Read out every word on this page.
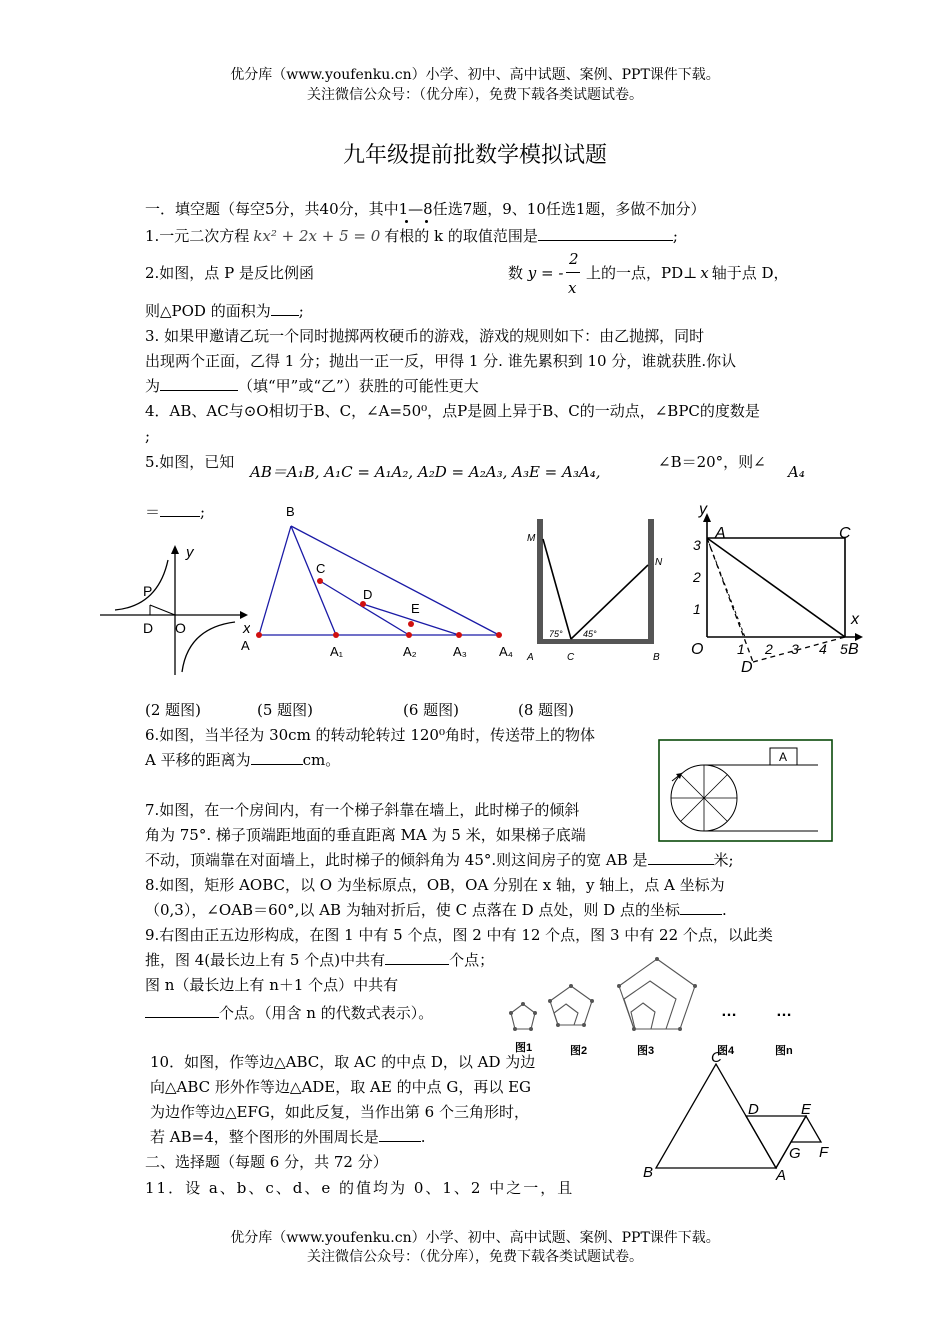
优分库（www.youfenku.cn）小学、初中、高中试题、案例、PPT课件下载。
关注微信公众号：（优分库），免费下载各类试题试卷。
九年级提前批数学模拟试题
一．填空题（每空5分，共40分，其中1—8任选7题，9、10任选1题，多做不加分）
1.一元二次方程 kx² + 2x + 5 = 0 有根的 k 的取值范围是	;
2.如图，点 P 是反比例函	数 y = -
2
x
上的一点，PD⊥ x 轴于点 D，
则△POD 的面积为 ;
3. 如果甲邀请乙玩一个同时抛掷两枚硬币的游戏，游戏的规则如下：由乙抛掷，同时
出现两个正面，乙得 1 分；抛出一正一反，甲得 1 分. 谁先累积到 10 分，谁就获胜.你认
为	（填“甲”或“乙”）获胜的可能性更大
4．AB、AC与⊙O相切于B、C，∠A=50⁰，点P是圆上异于B、C的一动点，∠BPC的度数是
;
5.如图，已知
AB＝A₁B, A₁C = A₁A₂, A₂D = A₂A₃, A₃E = A₃A₄,
∠B＝20°，则∠
A₄
＝	;
y
x
P
D O
B
C
D
E
A	A₁	A₂	A₃ A₄
M
N
A	C	B
75° 45°
y
x
A	C
O	B
D
1 2 3 4 5
1
2
3
(2 题图)	(5 题图)	(6 题图)	(8 题图)
6.如图，当半径为 30cm 的转动轮转过 120⁰角时，传送带上的物体
A 平移的距离为	cm。	A
7.如图，在一个房间内，有一个梯子斜靠在墙上，此时梯子的倾斜
角为 75°. 梯子顶端距地面的垂直距离 MA 为 5 米，如果梯子底端
不动，顶端靠在对面墙上，此时梯子的倾斜角为 45°.则这间房子的宽 AB 是	米;
8.如图，矩形 AOBC，以 O 为坐标原点，OB，OA 分别在 x 轴，y 轴上，点 A 坐标为
（0,3），∠OAB＝60°,以 AB 为轴对折后，使 C 点落在 D 点处，则 D 点的坐标	.
9.右图由正五边形构成，在图 1 中有 5 个点，图 2 中有 12 个点，图 3 中有 22 个点，以此类
推，图 4(最长边上有 5 个点)中共有	个点；
图 n（最长边上有 n＋1 个点）中共有
个点。（用含 n 的代数式表示）。
图1	图2	图3	图4	图n
… …
10．如图，作等边△ABC，取 AC 的中点 D，以 AD 为边
向△ABC 形外作等边△ADE，取 AE 的中点 G，再以 EG
为边作等边△EFG，如此反复，当作出第 6 个三角形时，
若 AB=4，整个图形的外围周长是	.
C
D	E
G F
B	A
二、选择题（每题 6 分，共 72 分）
11．设 a、b、c、d、e 的值均为 0、1、2 中之一，且
优分库（www.youfenku.cn）小学、初中、高中试题、案例、PPT课件下载。
关注微信公众号：（优分库），免费下载各类试题试卷。
